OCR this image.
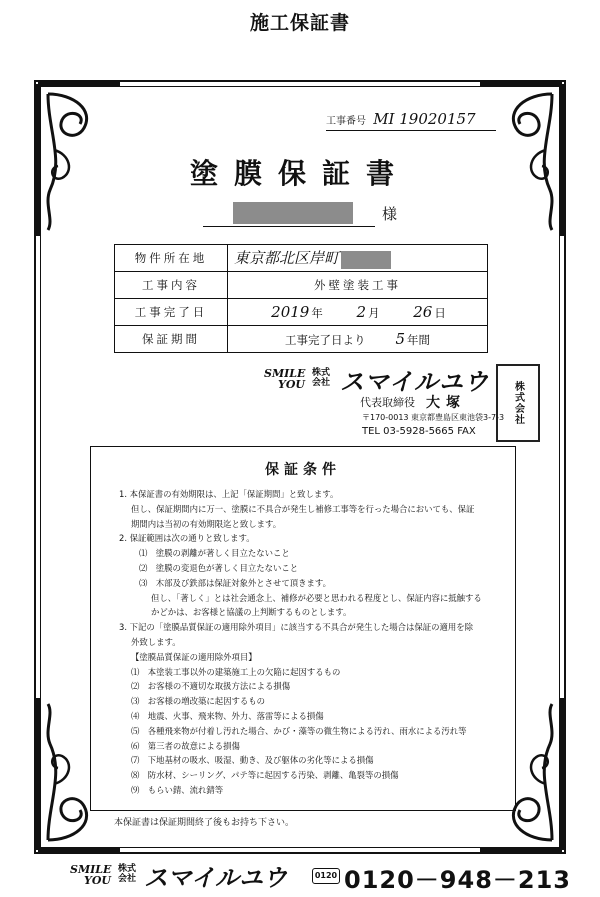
施工保証書
工事番号 MI 19020157
塗膜保証書
様
物件所在地	東京都北区岸町
工事内容	外壁塗装工事
工事完了日	2019 年 2 月 26 日
保証期間	工事完了日より 5 年間
SMILE
YOU
株式
会社 スマイルユウ
代表取締役 大塚
〒170-0013 東京都豊島区東池袋3-7-3
TEL 03-5928-5665 FAX
株式会社
保証条件
1. 本保証書の有効期限は、上記「保証期間」と致します。
但し、保証期間内に万一、塗膜に不具合が発生し補修工事等を行った場合においても、保証
期間内は当初の有効期限迄と致します。
2. 保証範囲は次の通りと致します。
⑴　塗膜の剥離が著しく目立たないこと
⑵　塗膜の変退色が著しく目立たないこと
⑶　木部及び鉄部は保証対象外とさせて頂きます。
但し、「著しく」とは社会通念上、補修が必要と思われる程度とし、保証内容に抵触する
かどかは、お客様と協議の上判断するものとします。
3. 下記の「塗膜品質保証の適用除外項目」に該当する不具合が発生した場合は保証の適用を除
外致します。
【塗膜品質保証の適用除外項目】
⑴　本塗装工事以外の建築施工上の欠陥に起因するもの
⑵　お客様の不適切な取扱方法による損傷
⑶　お客様の増改築に起因するもの
⑷　地震、火事、飛来物、外力、落雷等による損傷
⑸　各種飛来物が付着し汚れた場合、かび・藻等の微生物による汚れ、雨水による汚れ等
⑹　第三者の故意による損傷
⑺　下地基材の吸水、吸湿、動き、及び躯体の劣化等による損傷
⑻　防水材、シーリング、パテ等に起因する汚染、剥離、亀裂等の損傷
⑼　もらい錆、流れ錆等
本保証書は保証期間終了後もお持ち下さい。
SMILE
YOU
株式
会社 スマイルユウ	0120 0120－948－213
